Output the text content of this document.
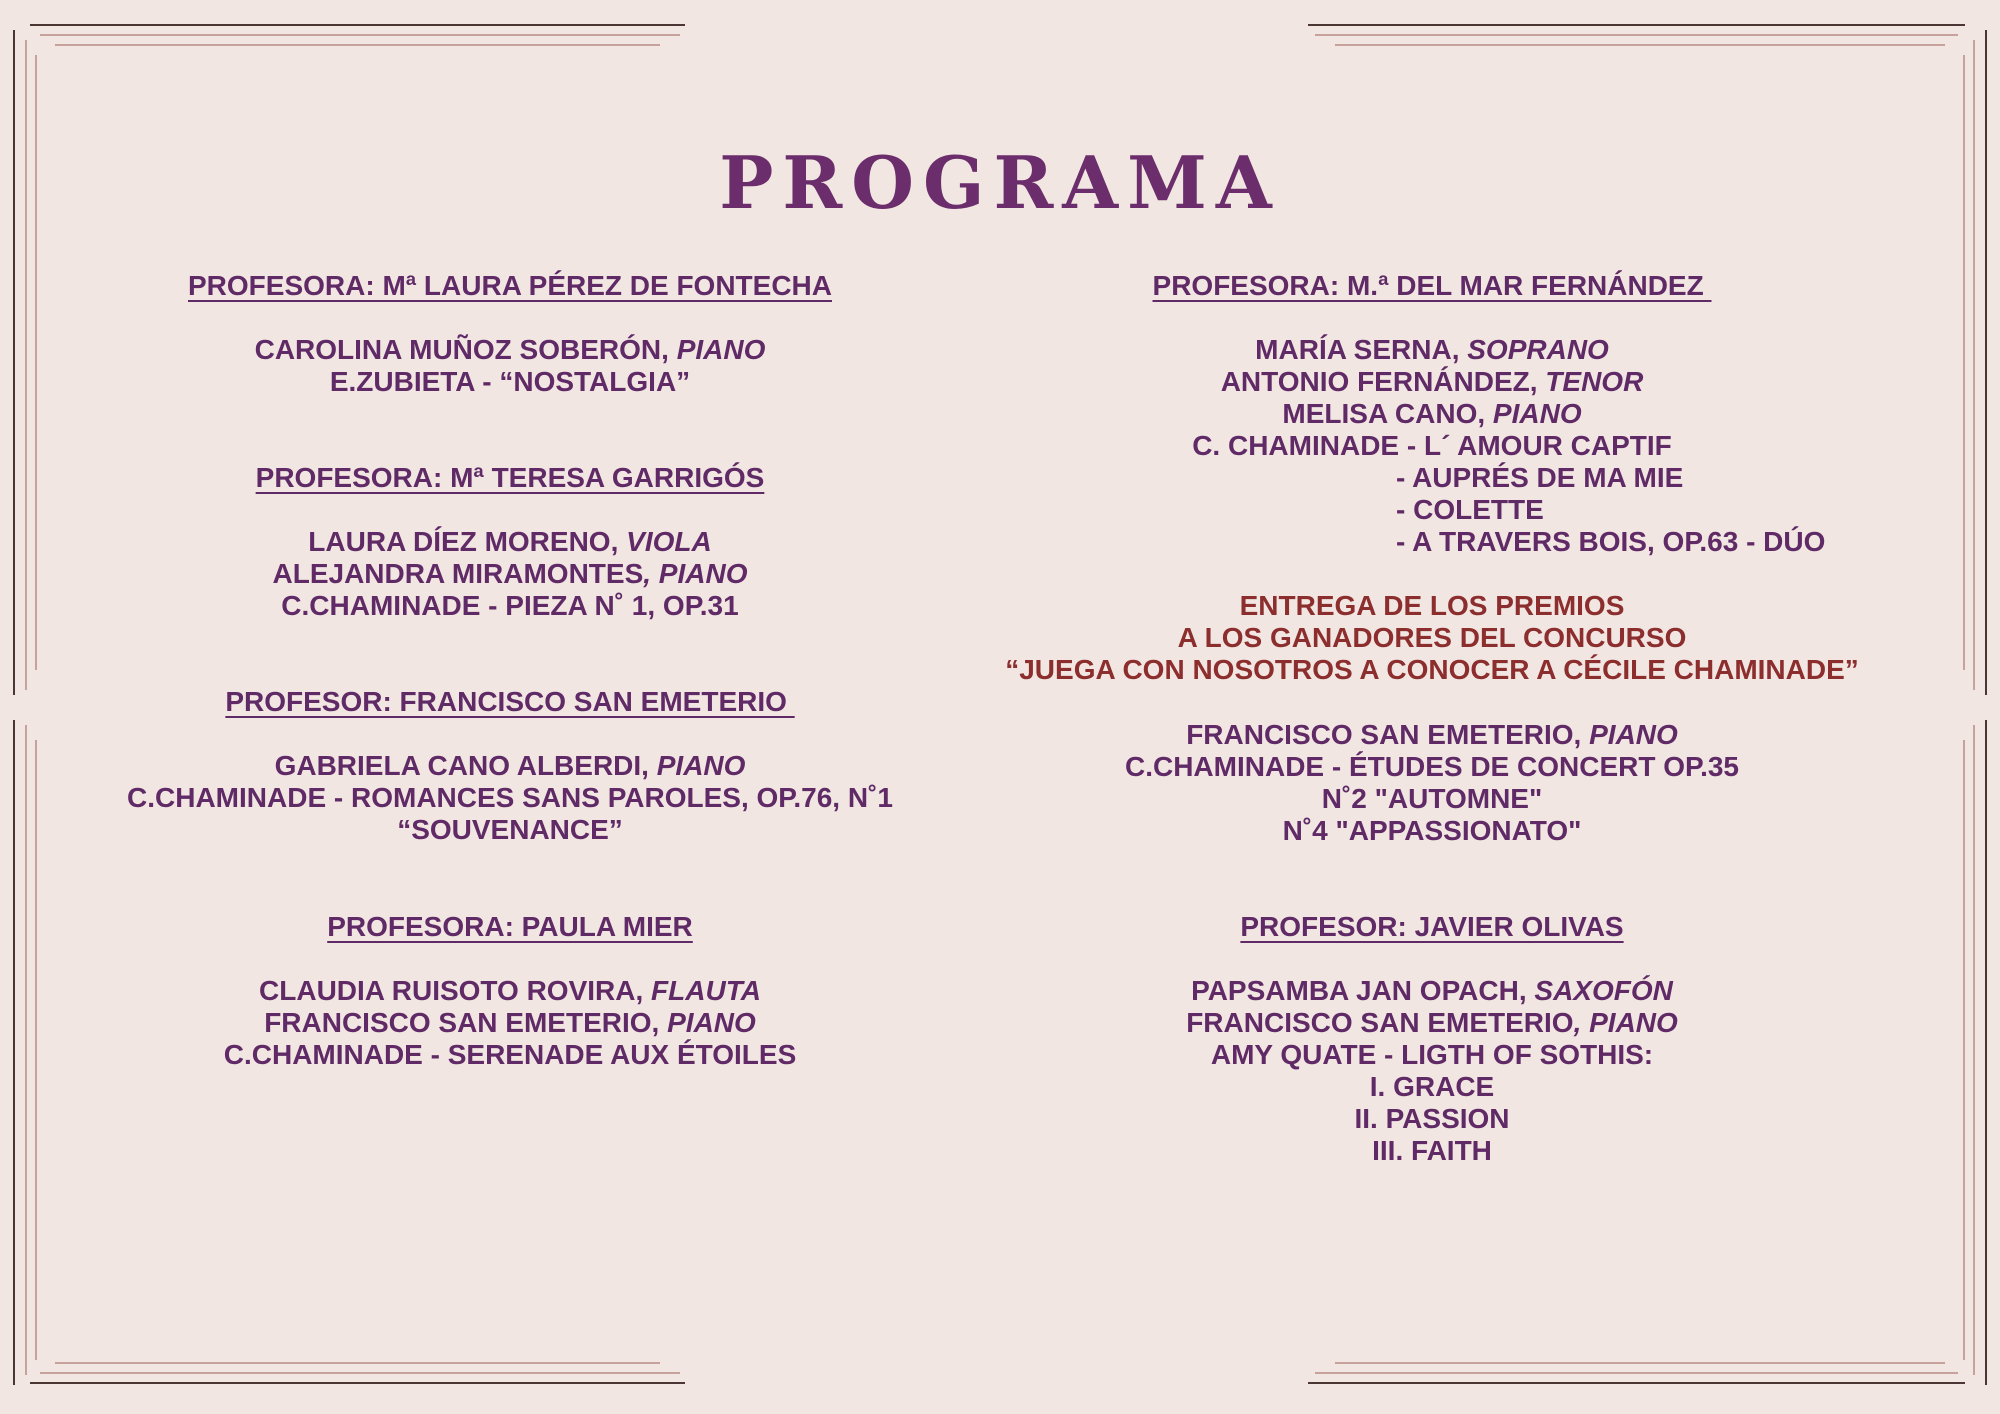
PROGRAMA
PROFESORA: Mª LAURA PÉREZ DE FONTECHA
CAROLINA MUÑOZ SOBERÓN, PIANO
E.ZUBIETA - “NOSTALGIA”
PROFESORA: Mª TERESA GARRIGÓS
LAURA DÍEZ MORENO, VIOLA
ALEJANDRA MIRAMONTES, PIANO
C.CHAMINADE - PIEZA N˚ 1, OP.31
PROFESOR: FRANCISCO SAN EMETERIO
GABRIELA CANO ALBERDI, PIANO
C.CHAMINADE - ROMANCES SANS PAROLES, OP.76, N˚1
“SOUVENANCE”
PROFESORA: PAULA MIER
CLAUDIA RUISOTO ROVIRA, FLAUTA
FRANCISCO SAN EMETERIO, PIANO
C.CHAMINADE - SERENADE AUX ÉTOILES
PROFESORA: M.ª DEL MAR FERNÁNDEZ
MARÍA SERNA, SOPRANO
ANTONIO FERNÁNDEZ, TENOR
MELISA CANO, PIANO
C. CHAMINADE - L´ AMOUR CAPTIF
- AUPRÉS DE MA MIE
- COLETTE
- A TRAVERS BOIS, OP.63 - DÚO
ENTREGA DE LOS PREMIOS
A LOS GANADORES DEL CONCURSO
“JUEGA CON NOSOTROS A CONOCER A CÉCILE CHAMINADE”
FRANCISCO SAN EMETERIO, PIANO
C.CHAMINADE - ÉTUDES DE CONCERT OP.35
N˚2 "AUTOMNE"
N˚4 "APPASSIONATO"
PROFESOR: JAVIER OLIVAS
PAPSAMBA JAN OPACH, SAXOFÓN
FRANCISCO SAN EMETERIO, PIANO
AMY QUATE - LIGTH OF SOTHIS:
I. GRACE
II. PASSION
III. FAITH
